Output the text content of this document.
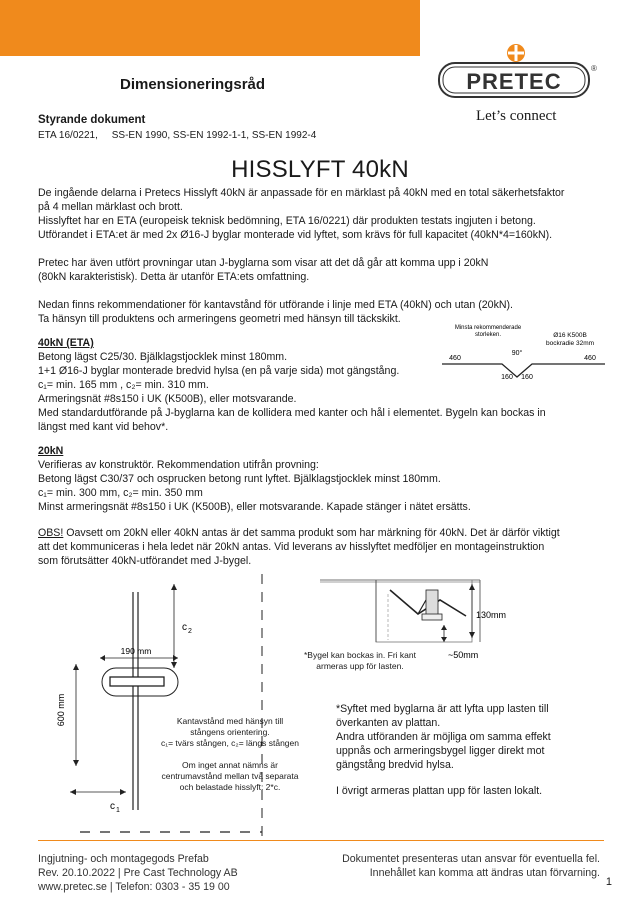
Dimensioneringsråd	PRETEC
®
Let’s connect
Styrande dokument
ETA 16/0221,     SS-EN 1990, SS-EN 1992-1-1, SS-EN 1992-4
HISSLYFT 40kN
De ingående delarna i Pretecs Hisslyft 40kN är anpassade för en märklast på 40kN med en total säkerhetsfaktor
på 4 mellan märklast och brott.
Hisslyftet har en ETA (europeisk teknisk bedömning, ETA 16/0221) där produkten testats ingjuten i betong.
Utförandet i ETA:et är med 2x Ø16-J byglar monterade vid lyftet, som krävs för full kapacitet (40kN*4=160kN).
Pretec har även utfört provningar utan J-byglarna som visar att det då går att komma upp i 20kN
(80kN karakteristisk). Detta är utanför ETA:ets omfattning.
Nedan finns rekommendationer för kantavstånd för utförande i linje med ETA (40kN) och utan (20kN).
Ta hänsyn till produktens och armeringens geometri med hänsyn till täckskikt.
40kN (ETA)
Betong lägst C25/30. Bjälklagstjocklek minst 180mm.
1+1 Ø16-J byglar monterade bredvid hylsa (en på varje sida) mot gängstång.
c₁= min. 165 mm , c₂= min. 310 mm.
Armeringsnät #8s150 i UK (K500B), eller motsvarande.
Med standardutförande på J-byglarna kan de kollidera med kanter och hål i elementet. Bygeln kan bockas in
längst med kant vid behov*.
Minsta rekommenderade
storleken.	Ø16 K500B
bockradie 32mm
460	460
90°
160 160
20kN
Verifieras av konstruktör. Rekommendation utifrån provning:
Betong lägst C30/37 och osprucken betong runt lyftet. Bjälklagstjocklek minst 180mm.
c₁= min. 300 mm, c₂= min. 350 mm
Minst armeringsnät #8s150 i UK (K500B), eller motsvarande. Kapade stänger i nätet ersätts.
OBS! Oavsett om 20kN eller 40kN antas är det samma produkt som har märkning för 40kN. Det är därför viktigt
att det kommuniceras i hela ledet när 20kN antas. Vid leverans av hisslyftet medföljer en montageinstruktion
som förutsätter 40kN-utförandet med J-bygel.
190 mm
c 2
600 mm
c 1
Kantavstånd med hänsyn till
stångens orientering.
c₁= tvärs stången, c₂= längs stången
Om inget annat nämns är
centrumavstånd mellan två separata
och belastade hisslyft: 2*c.
130mm
~50mm
*Bygel kan bockas in. Fri kant
armeras upp för lasten.
*Syftet med byglarna är att lyfta upp lasten till
överkanten av plattan.
Andra utföranden är möjliga om samma effekt
uppnås och armeringsbygel ligger direkt mot
gängstång bredvid hylsa.
I övrigt armeras plattan upp för lasten lokalt.
Ingjutning- och montagegods Prefab
Rev. 20.10.2022 | Pre Cast Technology AB
www.pretec.se | Telefon: 0303 - 35 19 00
Dokumentet presenteras utan ansvar för eventuella fel.
Innehållet kan komma att ändras utan förvarning.
1
